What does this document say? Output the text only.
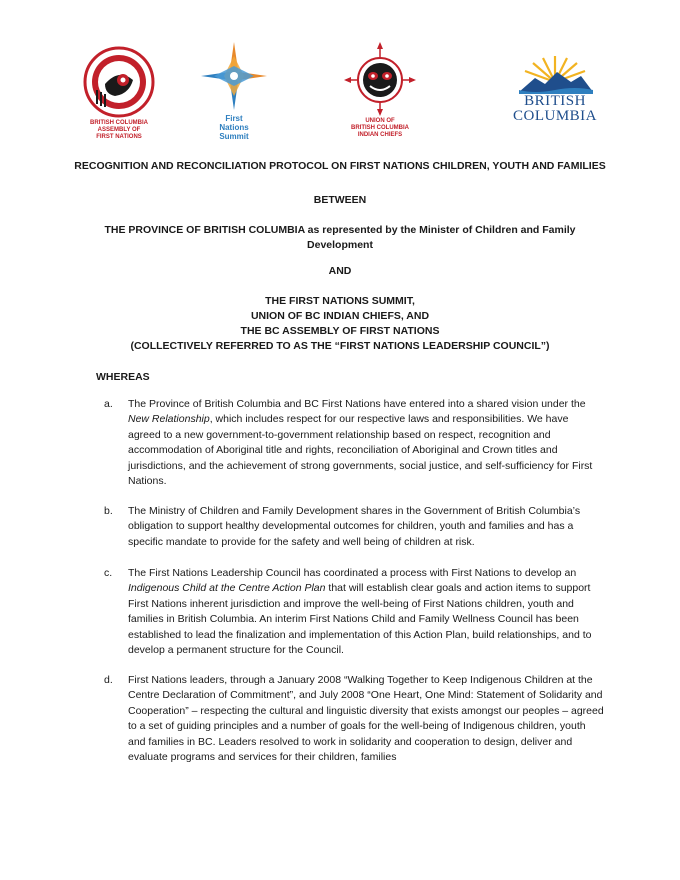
BRITISH COLUMBIA
ASSEMBLY OF
FIRST NATIONS
First
Nations
Summit
UNION OF
BRITISH COLUMBIA
INDIAN CHIEFS
BRITISH
COLUMBIA
RECOGNITION AND RECONCILIATION PROTOCOL ON FIRST NATIONS CHILDREN, YOUTH AND FAMILIES
BETWEEN
THE PROVINCE OF BRITISH COLUMBIA as represented by the Minister of Children and Family Development
AND
THE FIRST NATIONS SUMMIT,
UNION OF BC INDIAN CHIEFS, AND
THE BC ASSEMBLY OF FIRST NATIONS
(COLLECTIVELY REFERRED TO AS THE “FIRST NATIONS LEADERSHIP COUNCIL”)
WHEREAS
a. The Province of British Columbia and BC First Nations have entered into a shared vision under the New Relationship, which includes respect for our respective laws and responsibilities. We have agreed to a new government-to-government relationship based on respect, recognition and accommodation of Aboriginal title and rights, reconciliation of Aboriginal and Crown titles and jurisdictions, and the achievement of strong governments, social justice, and self-sufficiency for First Nations.
b. The Ministry of Children and Family Development shares in the Government of British Columbia’s obligation to support healthy developmental outcomes for children, youth and families and has a specific mandate to provide for the safety and well being of children at risk.
c. The First Nations Leadership Council has coordinated a process with First Nations to develop an Indigenous Child at the Centre Action Plan that will establish clear goals and action items to support First Nations inherent jurisdiction and improve the well-being of First Nations children, youth and families in British Columbia. An interim First Nations Child and Family Wellness Council has been established to lead the finalization and implementation of this Action Plan, build relationships, and to develop a permanent structure for the Council.
d. First Nations leaders, through a January 2008 “Walking Together to Keep Indigenous Children at the Centre Declaration of Commitment”, and July 2008 “One Heart, One Mind: Statement of Solidarity and Cooperation” – respecting the cultural and linguistic diversity that exists amongst our peoples – agreed to a set of guiding principles and a number of goals for the well-being of Indigenous children, youth and families in BC. Leaders resolved to work in solidarity and cooperation to design, deliver and evaluate programs and services for their children, families
